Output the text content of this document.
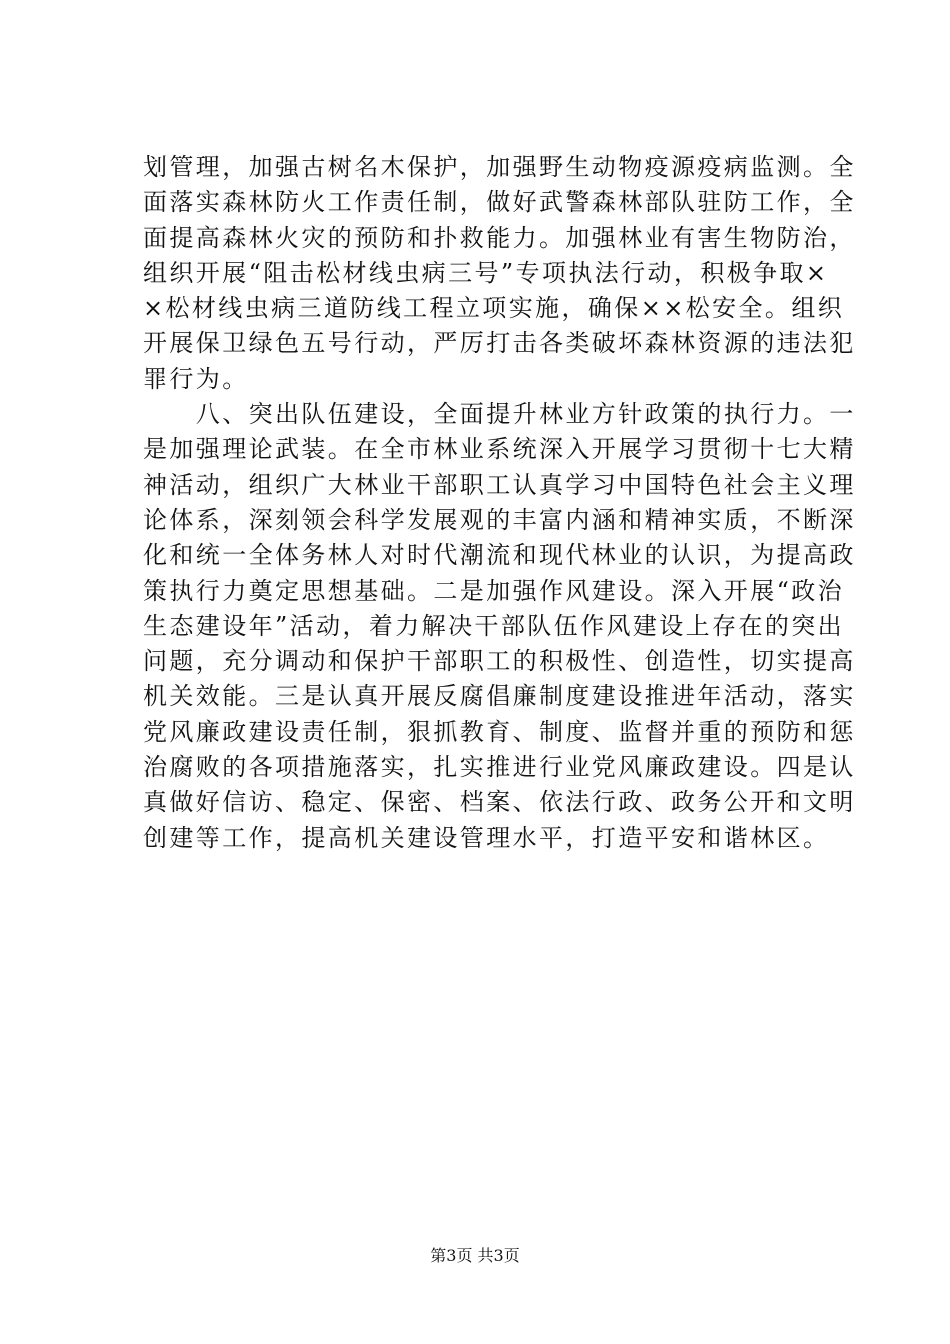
划管理，加强古树名木保护，加强野生动物疫源疫病监测。全
面落实森林防火工作责任制，做好武警森林部队驻防工作，全
面提高森林火灾的预防和扑救能力。加强林业有害生物防治，
组织开展“阻击松材线虫病三号”专项执法行动，积极争取×
×松材线虫病三道防线工程立项实施，确保××松安全。组织
开展保卫绿色五号行动，严厉打击各类破坏森林资源的违法犯
罪行为。
　　八、突出队伍建设，全面提升林业方针政策的执行力。一
是加强理论武装。在全市林业系统深入开展学习贯彻十七大精
神活动，组织广大林业干部职工认真学习中国特色社会主义理
论体系，深刻领会科学发展观的丰富内涵和精神实质，不断深
化和统一全体务林人对时代潮流和现代林业的认识，为提高政
策执行力奠定思想基础。二是加强作风建设。深入开展“政治
生态建设年”活动，着力解决干部队伍作风建设上存在的突出
问题，充分调动和保护干部职工的积极性、创造性，切实提高
机关效能。三是认真开展反腐倡廉制度建设推进年活动，落实
党风廉政建设责任制，狠抓教育、制度、监督并重的预防和惩
治腐败的各项措施落实，扎实推进行业党风廉政建设。四是认
真做好信访、稳定、保密、档案、依法行政、政务公开和文明
创建等工作，提高机关建设管理水平，打造平安和谐林区。
第3页 共3页
